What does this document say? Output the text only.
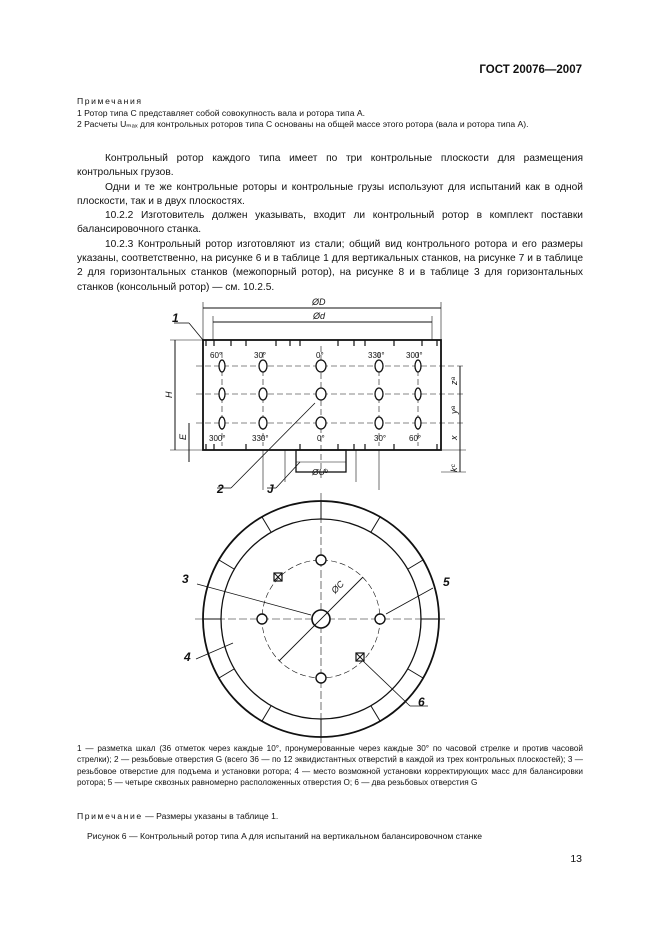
ГОСТ 20076—2007
Примечания
1 Ротор типа C представляет собой совокупность вала и ротора типа A.
2 Расчеты Uₘₐₓ для контрольных роторов типа C основаны на общей массе этого ротора (вала и ротора типа A).

Контрольный ротор каждого типа имеет по три контрольные плоскости для размещения контрольных грузов.

Одни и те же контрольные роторы и контрольные грузы используют для испытаний как в одной плоскости, так и в двух плоскостях.

10.2.2 Изготовитель должен указывать, входит ли контрольный ротор в комплект поставки балансировочного станка.

10.2.3 Контрольный ротор изготовляют из стали; общий вид контрольного ротора и его размеры указаны, соответственно, на рисунке 6 и в таблице 1 для вертикальных станков, на рисунке 7 и в таблице 2 для горизонтальных станков (межопорный ротор), на рисунке 8 и в таблице 3 для горизонтальных станков (консольный ротор) — см. 10.2.5.

ØD
Ød
60°	30°	0°	330°	300°
300°	330°	0°	30°	60°
H
E	x
yᵃ
zᵃ
kᶜ
ØUᵇ
ØC
1
2
3
4
5
6
J
1 — разметка шкал (36 отметок через каждые 10°, пронумерованные через каждые 30° по часовой стрелке и против часовой стрелки); 2 — резьбовые отверстия G (всего 36 — по 12 эквидистантных отверстий в каждой из трех контрольных плоскостей); 3 — резьбовое отверстие для подъема и установки ротора; 4 — место возможной установки корректирующих масс для балансировки ротора; 5 — четыре сквозных равномерно расположенных отверстия O; 6 — два резьбовых отверстия G
Примечание — Размеры указаны в таблице 1.
Рисунок 6 — Контрольный ротор типа A для испытаний на вертикальном балансировочном станке
13
